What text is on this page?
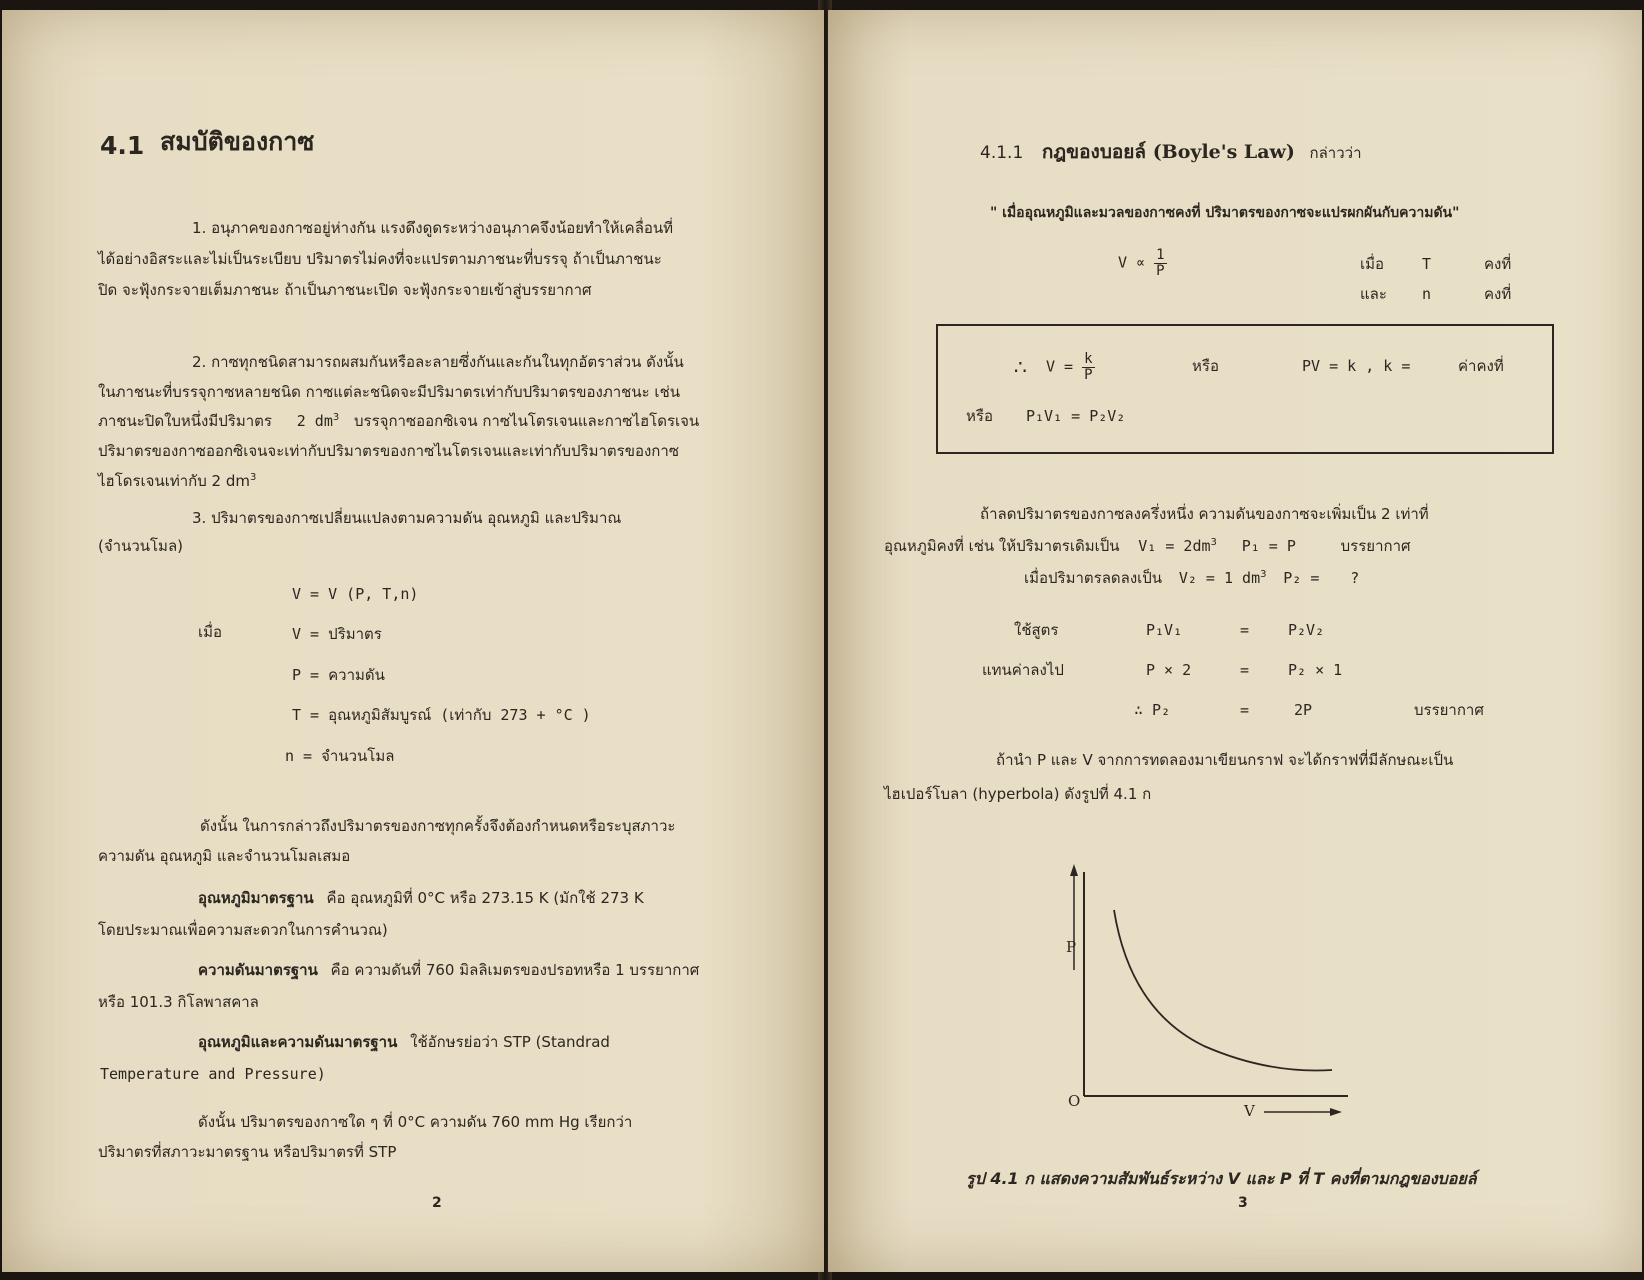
4.1 สมบัติของกาซ
1. อนุภาคของกาซอยู่ห่างกัน แรงดึงดูดระหว่างอนุภาคจึงน้อยทำให้เคลื่อนที่
ได้อย่างอิสระและไม่เป็นระเบียบ ปริมาตรไม่คงที่จะแปรตามภาชนะที่บรรจุ ถ้าเป็นภาชนะ
ปิด จะฟุ้งกระจายเต็มภาชนะ ถ้าเป็นภาชนะเปิด จะฟุ้งกระจายเข้าสู่บรรยากาศ
2. กาซทุกชนิดสามารถผสมกันหรือละลายซึ่งกันและกันในทุกอัตราส่วน ดังนั้น
ในภาชนะที่บรรจุกาซหลายชนิด กาซแต่ละชนิดจะมีปริมาตรเท่ากับปริมาตรของภาชนะ เช่น
ภาชนะปิดใบหนึ่งมีปริมาตร 2 $dm^3$ บรรจุกาซออกซิเจน กาซไนโตรเจนและกาซไฮโดรเจน
ปริมาตรของกาซออกซิเจนจะเท่ากับปริมาตรของกาซไนโตรเจนและเท่ากับปริมาตรของกาซ
ไฮโดรเจนเท่ากับ 2 $dm^3$
3. ปริมาตรของกาซเปลี่ยนแปลงตามความดัน อุณหภูมิ และปริมาณ
(จำนวนโมล)
V = V (P, T,n)
เมื่อ	V = ปริมาตร
P = ความดัน
T = อุณหภูมิสัมบูรณ์ (เท่ากับ 273 + °C )
n = จำนวนโมล
ดังนั้น ในการกล่าวถึงปริมาตรของกาซทุกครั้งจึงต้องกำหนดหรือระบุสภาวะ
ความดัน อุณหภูมิ และจำนวนโมลเสมอ
อุณหภูมิมาตรฐาน คือ อุณหภูมิที่ 0°C หรือ 273.15 K (มักใช้ 273 K
โดยประมาณเพื่อความสะดวกในการคำนวณ)
ความดันมาตรฐาน คือ ความดันที่ 760 มิลลิเมตรของปรอทหรือ 1 บรรยากาศ
หรือ 101.3 กิโลพาสคาล
อุณหภูมิและความดันมาตรฐาน ใช้อักษรย่อว่า STP (Standrad
Temperature and Pressure)
ดังนั้น ปริมาตรของกาซใด ๆ ที่ 0°C ความดัน 760 mm Hg เรียกว่า
ปริมาตรที่สภาวะมาตรฐาน หรือปริมาตรที่ STP
2
4.1.1 กฎของบอยล์ (Boyle's Law) กล่าวว่า
" เมื่ออุณหภูมิและมวลของกาซคงที่ ปริมาตรของกาซจะแปรผกผันกับความดัน"
$V \propto \frac{1}{P}$	เมื่อ	T	คงที่
และ n	คงที่
∴ $V = \frac{k}{P}$	หรือ	PV = k , k =	ค่าคงที่
หรือ P₁V₁ = P₂V₂
ถ้าลดปริมาตรของกาซลงครึ่งหนึ่ง ความดันของกาซจะเพิ่มเป็น 2 เท่าที่
อุณหภูมิคงที่ เช่น ให้ปริมาตรเดิมเป็น $V_1 = 2dm^3$ P₁ = P	บรรยากาศ
เมื่อปริมาตรลดลงเป็น V₂ = 1 $dm^3$ P₂ = ?
ใช้สูตร	P₁V₁	=	P₂V₂
แทนค่าลงไป	P × 2	=	P₂ × 1
∴ P₂	=	2P	บรรยากาศ
ถ้านำ P และ V จากการทดลองมาเขียนกราฟ จะได้กราฟที่มีลักษณะเป็น
ไฮเปอร์โบลา (hyperbola) ดังรูปที่ 4.1 ก
P
V
O
รูป 4.1 ก แสดงความสัมพันธ์ระหว่าง V และ P ที่ T คงที่ตามกฎของบอยล์
3
